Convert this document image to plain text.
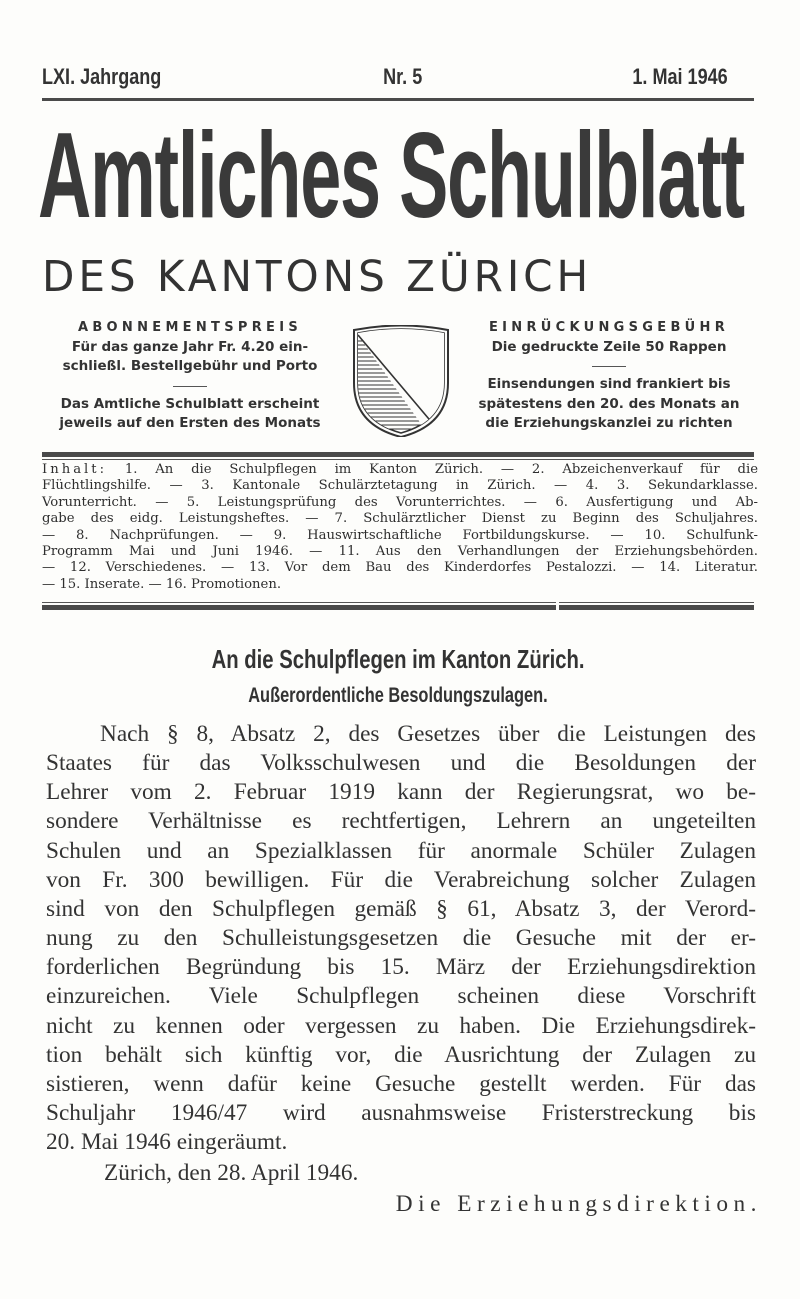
LXI. Jahrgang	Nr. 5	1. Mai 1946
Amtliches Schulblatt
DES KANTONS ZÜRICH
ABONNEMENTSPREIS
Für das ganze Jahr Fr. 4.20 ein-
schließl. Bestellgebühr und Porto
Das Amtliche Schulblatt erscheint
jeweils auf den Ersten des Monats
EINRÜCKUNGSGEBÜHR
Die gedruckte Zeile 50 Rappen
Einsendungen sind frankiert bis
spätestens den 20. des Monats an
die Erziehungskanzlei zu richten
Inhalt: 1. An die Schulpflegen im Kanton Zürich. — 2. Abzeichenverkauf für die
Flüchtlingshilfe. — 3. Kantonale Schulärztetagung in Zürich. — 4. 3. Sekundarklasse.
Vorunterricht. — 5. Leistungsprüfung des Vorunterrichtes. — 6. Ausfertigung und Ab-
gabe des eidg. Leistungsheftes. — 7. Schulärztlicher Dienst zu Beginn des Schuljahres.
— 8. Nachprüfungen. — 9. Hauswirtschaftliche Fortbildungskurse. — 10. Schulfunk-
Programm Mai und Juni 1946. — 11. Aus den Verhandlungen der Erziehungsbehörden.
— 12. Verschiedenes. — 13. Vor dem Bau des Kinderdorfes Pestalozzi. — 14. Literatur.
— 15. Inserate. — 16. Promotionen.
An die Schulpflegen im Kanton Zürich.
Außerordentliche Besoldungszulagen.
Nach § 8, Absatz 2, des Gesetzes über die Leistungen des
Staates für das Volksschulwesen und die Besoldungen der
Lehrer vom 2. Februar 1919 kann der Regierungsrat, wo be-
sondere Verhältnisse es rechtfertigen, Lehrern an ungeteilten
Schulen und an Spezialklassen für anormale Schüler Zulagen
von Fr. 300 bewilligen. Für die Verabreichung solcher Zulagen
sind von den Schulpflegen gemäß § 61, Absatz 3, der Verord-
nung zu den Schulleistungsgesetzen die Gesuche mit der er-
forderlichen Begründung bis 15. März der Erziehungsdirektion
einzureichen. Viele Schulpflegen scheinen diese Vorschrift
nicht zu kennen oder vergessen zu haben. Die Erziehungsdirek-
tion behält sich künftig vor, die Ausrichtung der Zulagen zu
sistieren, wenn dafür keine Gesuche gestellt werden. Für das
Schuljahr 1946/47 wird ausnahmsweise Fristerstreckung bis
20. Mai 1946 eingeräumt.
Zürich, den 28. April 1946.
Die Erziehungsdirektion.
